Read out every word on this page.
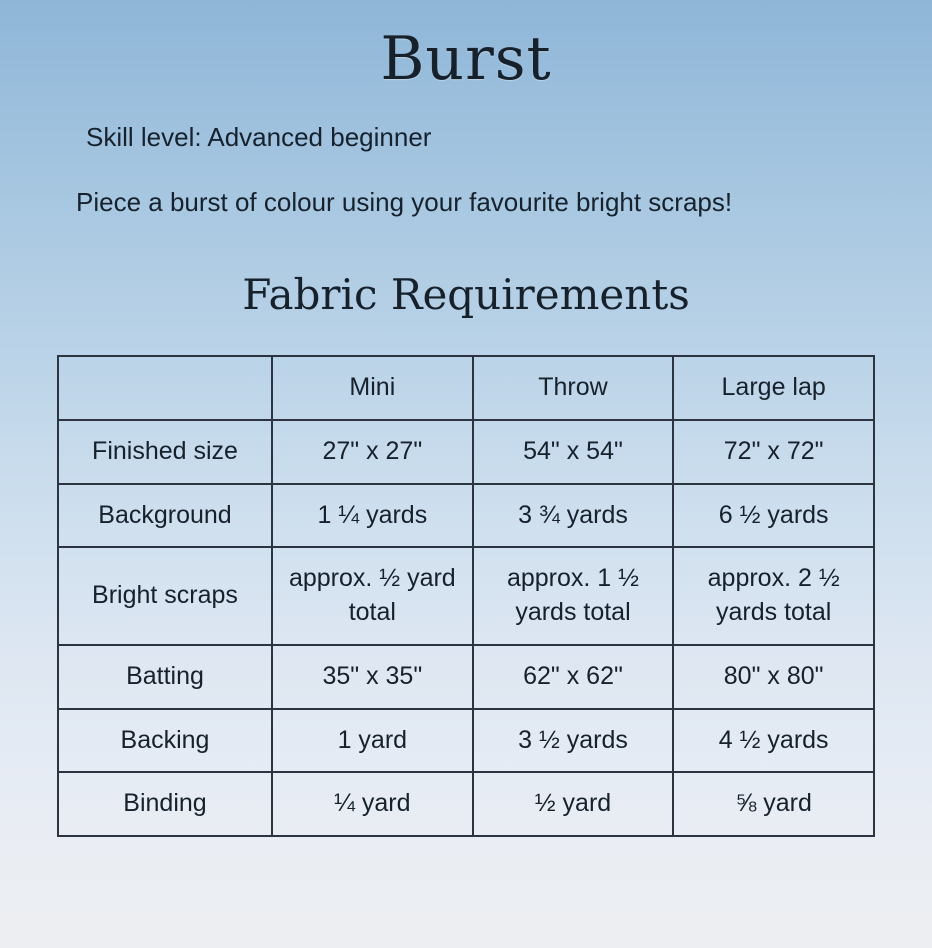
Burst
Skill level: Advanced beginner
Piece a burst of colour using your favourite bright scraps!
Fabric Requirements
	Mini	Throw	Large lap
Finished size	27" x 27"	54" x 54"	72" x 72"
Background	1 ¼ yards	3 ¾ yards	6 ½ yards
Bright scraps	approx. ½ yard total	approx. 1 ½ yards total	approx. 2 ½ yards total
Batting	35" x 35"	62" x 62"	80" x 80"
Backing	1 yard	3 ½ yards	4 ½ yards
Binding	¼ yard	½ yard	⅝ yard
